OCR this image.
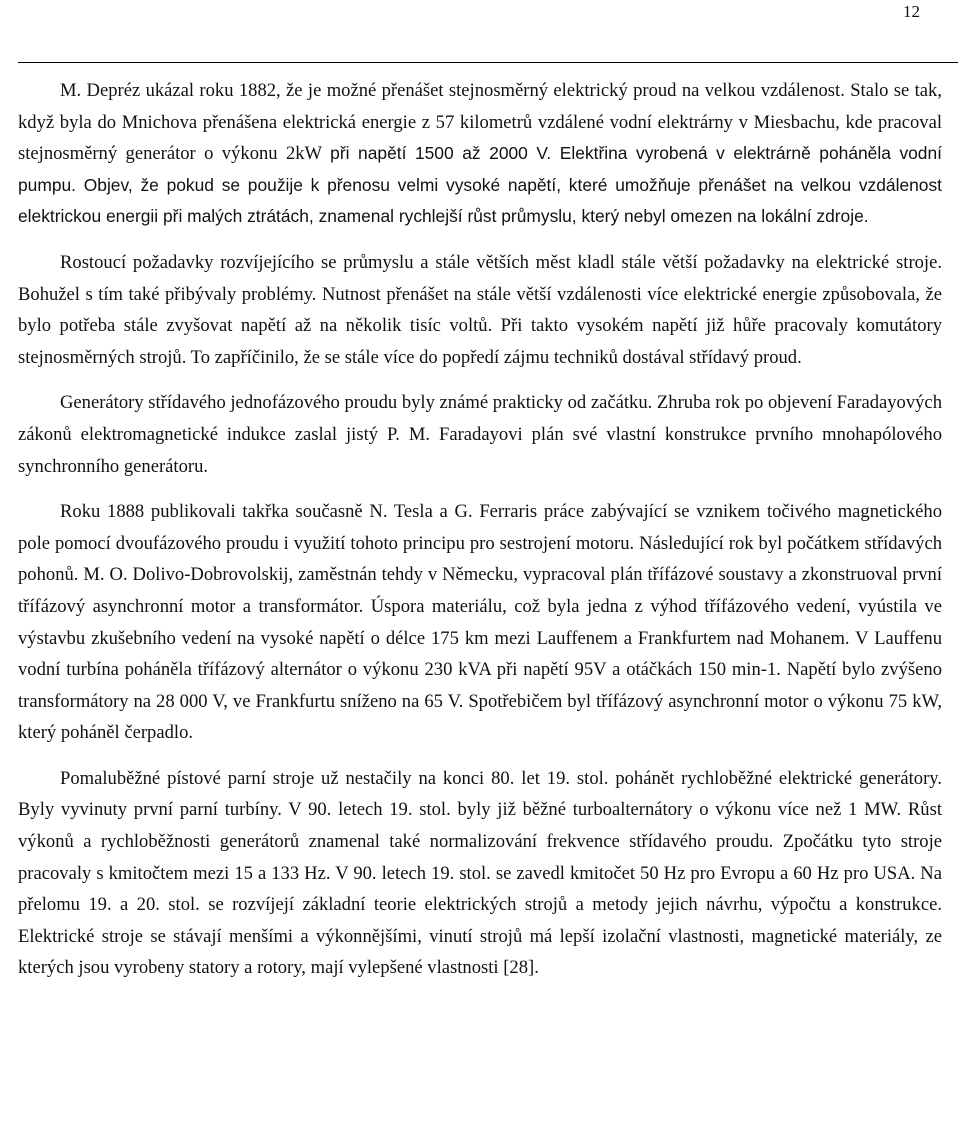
12

M. Depréz ukázal roku 1882, že je možné přenášet stejnosměrný elektrický proud na velkou vzdálenost. Stalo se tak, když byla do Mnichova přenášena elektrická energie z 57 kilometrů vzdálené vodní elektrárny v Miesbachu, kde pracoval stejnosměrný generátor o výkonu 2kW při napětí 1500 až 2000 V. Elektřina vyrobená v elektrárně poháněla vodní pumpu. Objev, že pokud se použije k přenosu velmi vysoké napětí, které umožňuje přenášet na velkou vzdálenost elektrickou energii při malých ztrátách, znamenal rychlejší růst průmyslu, který nebyl omezen na lokální zdroje.

Rostoucí požadavky rozvíjejícího se průmyslu a stále větších měst kladl stále větší požadavky na elektrické stroje. Bohužel s tím také přibývaly problémy. Nutnost přenášet na stále větší vzdálenosti více elektrické energie způsobovala, že bylo potřeba stále zvyšovat napětí až na několik tisíc voltů. Při takto vysokém napětí již hůře pracovaly komutátory stejnosměrných strojů. To zapříčinilo, že se stále více do popředí zájmu techniků dostával střídavý proud.

Generátory střídavého jednofázového proudu byly známé prakticky od začátku. Zhruba rok po objevení Faradayových zákonů elektromagnetické indukce zaslal jistý P. M. Faradayovi plán své vlastní konstrukce prvního mnohapólového synchronního generátoru.

Roku 1888 publikovali takřka současně N. Tesla a G. Ferraris práce zabývající se vznikem točivého magnetického pole pomocí dvoufázového proudu i využití tohoto principu pro sestrojení motoru. Následující rok byl počátkem střídavých pohonů. M. O. Dolivo-Dobrovolskij, zaměstnán tehdy v Německu, vypracoval plán třífázové soustavy a zkonstruoval první třífázový asynchronní motor a transformátor. Úspora materiálu, což byla jedna z výhod třífázového vedení, vyústila ve výstavbu zkušebního vedení na vysoké napětí o délce 175 km mezi Lauffenem a Frankfurtem nad Mohanem. V Lauffenu vodní turbína poháněla třífázový alternátor o výkonu 230 kVA při napětí 95V a otáčkách 150 min-1. Napětí bylo zvýšeno transformátory na 28 000 V, ve Frankfurtu sníženo na 65 V. Spotřebičem byl třífázový asynchronní motor o výkonu 75 kW, který poháněl čerpadlo.

Pomaluběžné pístové parní stroje už nestačily na konci 80. let 19. stol. pohánět rychloběžné elektrické generátory. Byly vyvinuty první parní turbíny. V 90. letech 19. stol. byly již běžné turboalternátory o výkonu více než 1 MW. Růst výkonů a rychloběžnosti generátorů znamenal také normalizování frekvence střídavého proudu. Zpočátku tyto stroje pracovaly s kmitočtem mezi 15 a 133 Hz. V 90. letech 19. stol. se zavedl kmitočet 50 Hz pro Evropu a 60 Hz pro USA. Na přelomu 19. a 20. stol. se rozvíjejí základní teorie elektrických strojů a metody jejich návrhu, výpočtu a konstrukce. Elektrické stroje se stávají menšími a výkonnějšími, vinutí strojů má lepší izolační vlastnosti, magnetické materiály, ze kterých jsou vyrobeny statory a rotory, mají vylepšené vlastnosti [28].
